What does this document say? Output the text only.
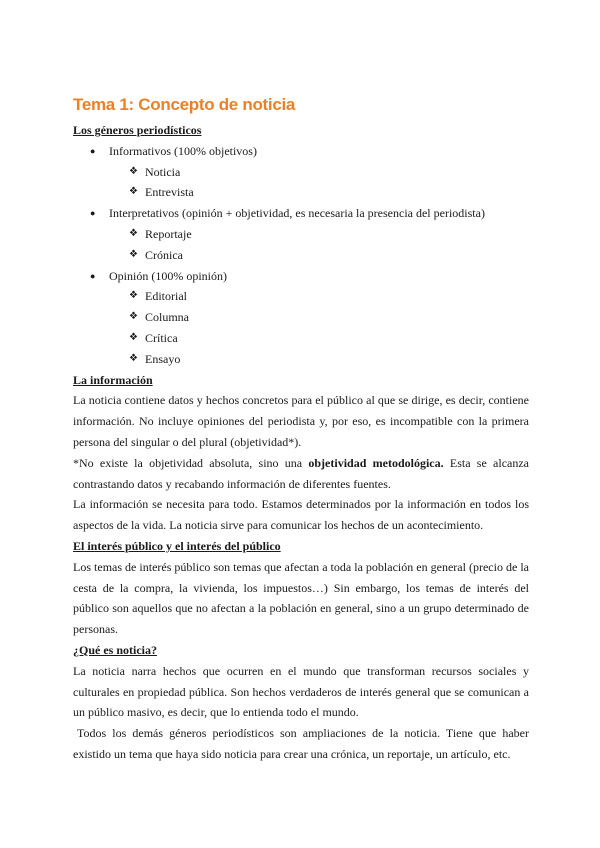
Tema 1: Concepto de noticia
Los géneros periodísticos
● Informativos (100% objetivos)
❖ Noticia
❖ Entrevista
● Interpretativos (opinión + objetividad, es necesaria la presencia del periodista)
❖ Reportaje
❖ Crónica
● Opinión (100% opinión)
❖ Editorial
❖ Columna
❖ Crítica
❖ Ensayo
La información

La noticia contiene datos y hechos concretos para el público al que se dirige, es decir, contiene información. No incluye opiniones del periodista y, por eso, es incompatible con la primera persona del singular o del plural (objetividad*).

*No existe la objetividad absoluta, sino una objetividad metodológica. Esta se alcanza contrastando datos y recabando información de diferentes fuentes.

La información se necesita para todo. Estamos determinados por la información en todos los aspectos de la vida. La noticia sirve para comunicar los hechos de un acontecimiento.

El interés público y el interés del público

Los temas de interés público son temas que afectan a toda la población en general (precio de la cesta de la compra, la vivienda, los impuestos…) Sin embargo, los temas de interés del público son aquellos que no afectan a la población en general, sino a un grupo determinado de personas.

¿Qué es noticia?

La noticia narra hechos que ocurren en el mundo que transforman recursos sociales y culturales en propiedad pública. Son hechos verdaderos de interés general que se comunican a un público masivo, es decir, que lo entienda todo el mundo.

Todos los demás géneros periodísticos son ampliaciones de la noticia. Tiene que haber existido un tema que haya sido noticia para crear una crónica, un reportaje, un artículo, etc.
